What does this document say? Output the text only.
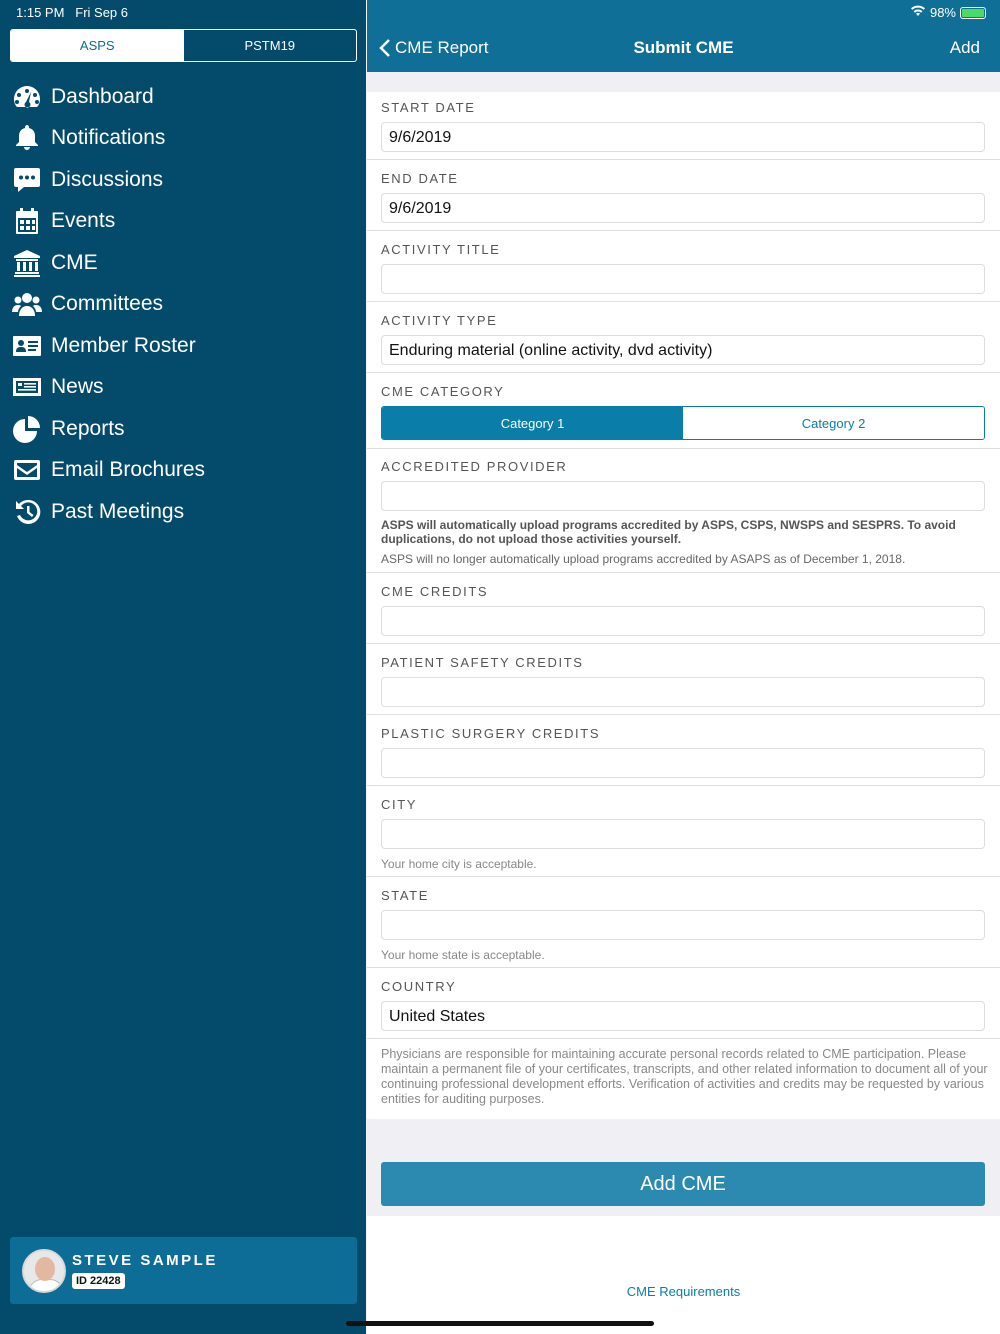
1:15 PM Fri Sep 6
ASPS	PSTM19
Dashboard
Notifications
Discussions
Events
CME
Committees
Member Roster
News
Reports
Email Brochures
Past Meetings
STEVE SAMPLE
ID 22428
98%
CME Report	Submit CME	Add
START DATE
9/6/2019
END DATE
9/6/2019
ACTIVITY TITLE
ACTIVITY TYPE
Enduring material (online activity, dvd activity)
CME CATEGORY
Category 1	Category 2
ACCREDITED PROVIDER
ASPS will automatically upload programs accredited by ASPS, CSPS, NWSPS and SESPRS. To avoid duplications, do not upload those activities yourself.
ASPS will no longer automatically upload programs accredited by ASAPS as of December 1, 2018.
CME CREDITS
PATIENT SAFETY CREDITS
PLASTIC SURGERY CREDITS
CITY
Your home city is acceptable.
STATE
Your home state is acceptable.
COUNTRY
United States
Physicians are responsible for maintaining accurate personal records related to CME participation. Please maintain a permanent file of your certificates, transcripts, and other related information to document all of your continuing professional development efforts. Verification of activities and credits may be requested by various entities for auditing purposes.
Add CME
CME Requirements
